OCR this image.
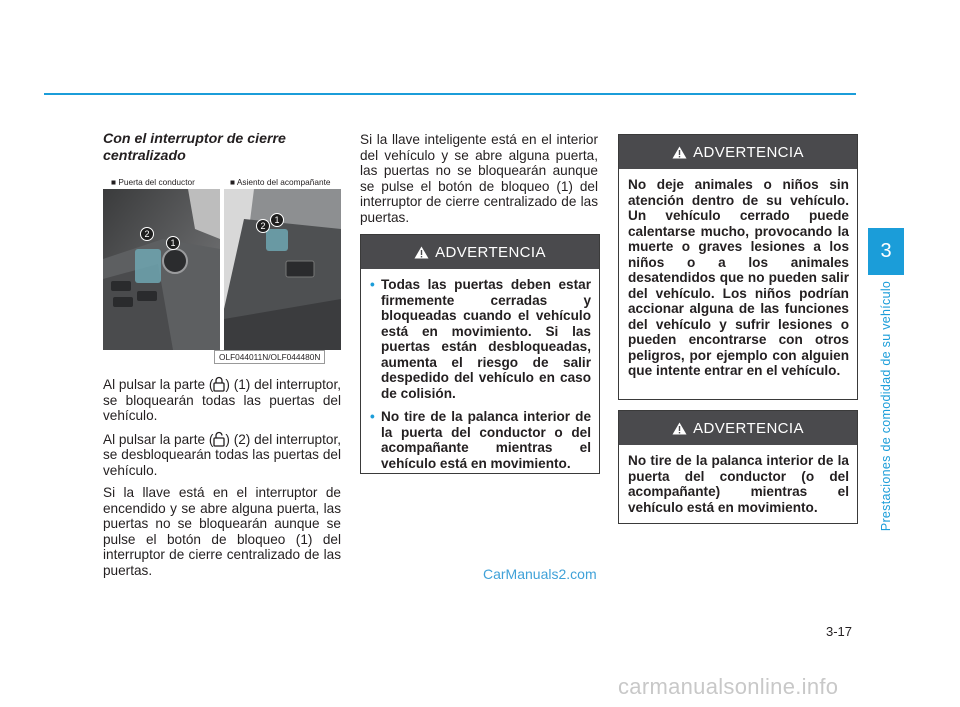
3
Prestaciones de comodidad de su vehículo
Con el interruptor de cierre centralizado
■ Puerta del conductor	■ Asiento del acompañante
1
2
1
2
OLF044011N/OLF044480N

Al pulsar la parte ( ) (1) del interruptor, se bloquearán todas las puertas del vehículo.

Al pulsar la parte ( ) (2) del interruptor, se desbloquearán todas las puertas del vehículo.

Si la llave está en el interruptor de encendido y se abre alguna puerta, las puertas no se bloquearán aunque se pulse el botón de bloqueo (1) del interruptor de cierre centralizado de las puertas.

Si la llave inteligente está en el interior del vehículo y se abre alguna puerta, las puertas no se bloquearán aunque se pulse el botón de bloqueo (1) del interruptor de cierre centralizado de las puertas.

ADVERTENCIA
• Todas las puertas deben estar firmemente cerradas y bloqueadas cuando el vehículo está en movimiento. Si las puertas están desbloqueadas, aumenta el riesgo de salir despedido del vehículo en caso de colisión.
• No tire de la palanca interior de la puerta del conductor o del acompañante mientras el vehículo está en movimiento.
ADVERTENCIA
No deje animales o niños sin atención dentro de su vehículo. Un vehículo cerrado puede calentarse mucho, provocando la muerte o graves lesiones a los niños o a los animales desatendidos que no pueden salir del vehículo. Los niños podrían accionar alguna de las funciones del vehículo y sufrir lesiones o pueden encontrarse con otros peligros, por ejemplo con alguien que intente entrar en el vehículo.
ADVERTENCIA
No tire de la palanca interior de la puerta del conductor (o del acompañante) mientras el vehículo está en movimiento.
3-17
CarManuals2.com
carmanualsonline.info
